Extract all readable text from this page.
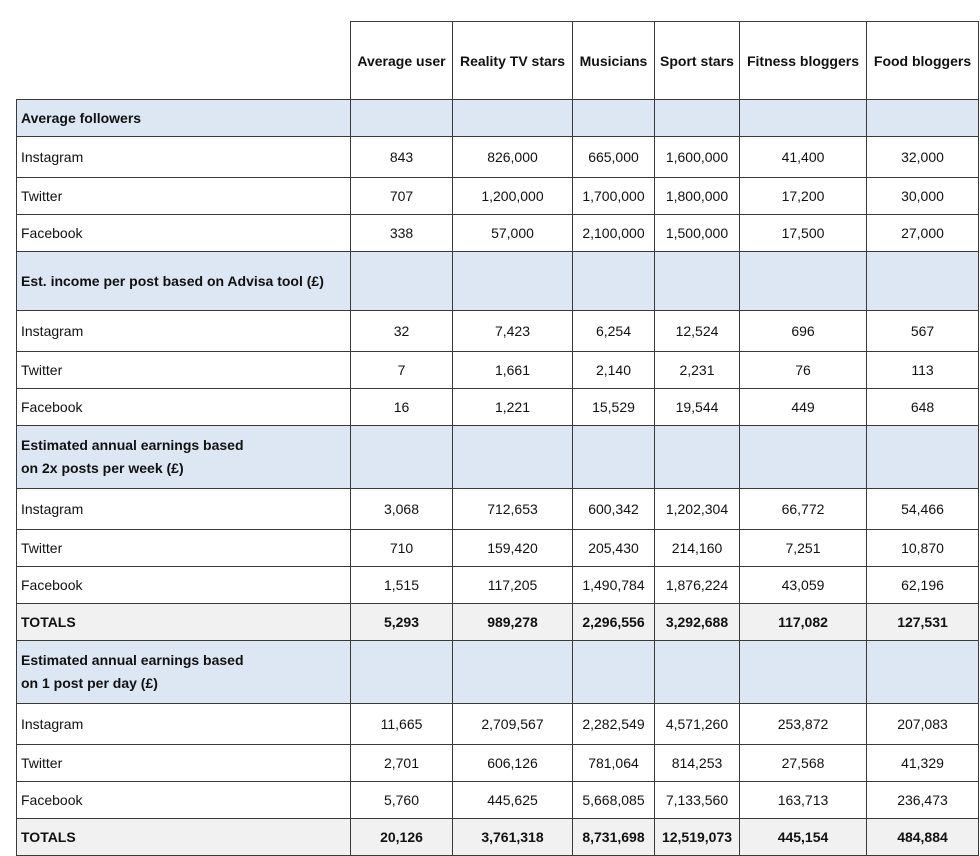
	Average user	Reality TV stars	Musicians	Sport stars	Fitness bloggers	Food bloggers
Average followers						
Instagram	843	826,000	665,000	1,600,000	41,400	32,000
Twitter	707	1,200,000	1,700,000	1,800,000	17,200	30,000
Facebook	338	57,000	2,100,000	1,500,000	17,500	27,000
Est. income per post based on Advisa tool (£)						
Instagram	32	7,423	6,254	12,524	696	567
Twitter	7	1,661	2,140	2,231	76	113
Facebook	16	1,221	15,529	19,544	449	648

Estimated annual earnings based
on 2x posts per week (£)						

Instagram	3,068	712,653	600,342	1,202,304	66,772	54,466
Twitter	710	159,420	205,430	214,160	7,251	10,870
Facebook	1,515	117,205	1,490,784	1,876,224	43,059	62,196
TOTALS	5,293	989,278	2,296,556	3,292,688	117,082	127,531

Estimated annual earnings based
on 1 post per day (£)						

Instagram	11,665	2,709,567	2,282,549	4,571,260	253,872	207,083
Twitter	2,701	606,126	781,064	814,253	27,568	41,329
Facebook	5,760	445,625	5,668,085	7,133,560	163,713	236,473
TOTALS	20,126	3,761,318	8,731,698	12,519,073	445,154	484,884
